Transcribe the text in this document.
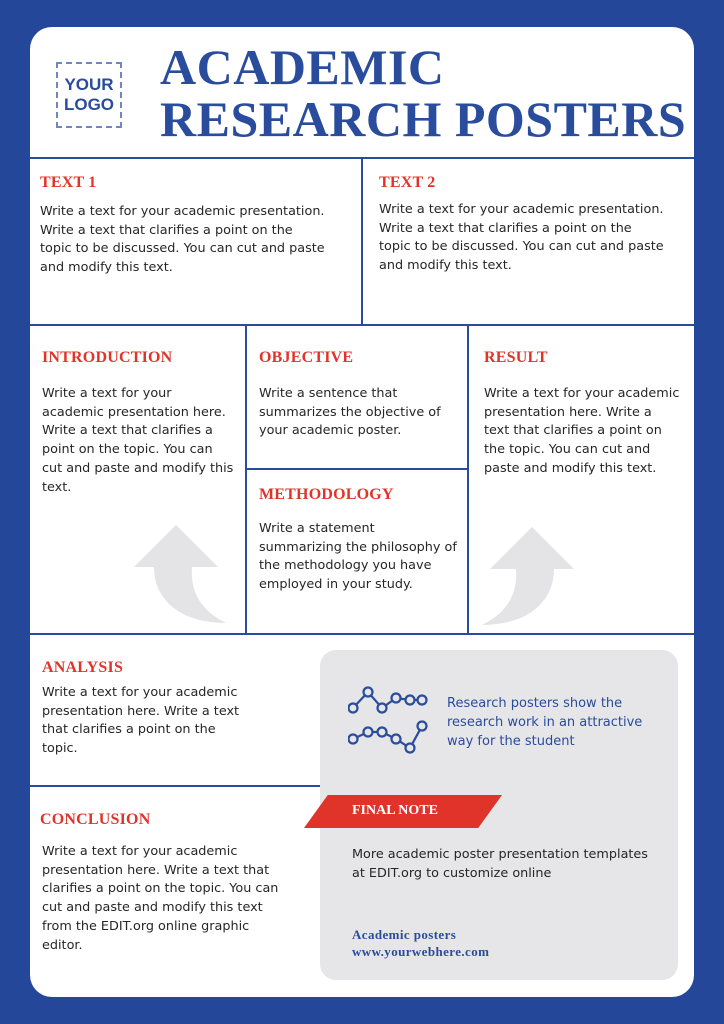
YOUR
LOGO
ACADEMIC
RESEARCH POSTERS
TEXT 1
Write a text for your academic presentation. Write a text that clarifies a point on the topic to be discussed. You can cut and paste and modify this text.
TEXT 2
Write a text for your academic presentation. Write a text that clarifies a point on the topic to be discussed. You can cut and paste and modify this text.
INTRODUCTION
Write a text for your academic presentation here. Write a text that clarifies a point on the topic. You can cut and paste and modify this text.
OBJECTIVE
Write a sentence that summarizes the objective of your academic poster.
METHODOLOGY
Write a statement summarizing the philosophy of the methodology you have employed in your study.
RESULT
Write a text for your academic presentation here. Write a text that clarifies a point on the topic. You can cut and paste and modify this text.
ANALYSIS
Write a text for your academic presentation here. Write a text that clarifies a point on the topic.
CONCLUSION
Write a text for your academic presentation here. Write a text that clarifies a point on the topic. You can cut and paste and modify this text from the EDIT.org online graphic editor.
Research posters show the research work in an attractive way for the student
FINAL NOTE
More academic poster presentation templates at EDIT.org to customize online
Academic posters
www.yourwebhere.com
